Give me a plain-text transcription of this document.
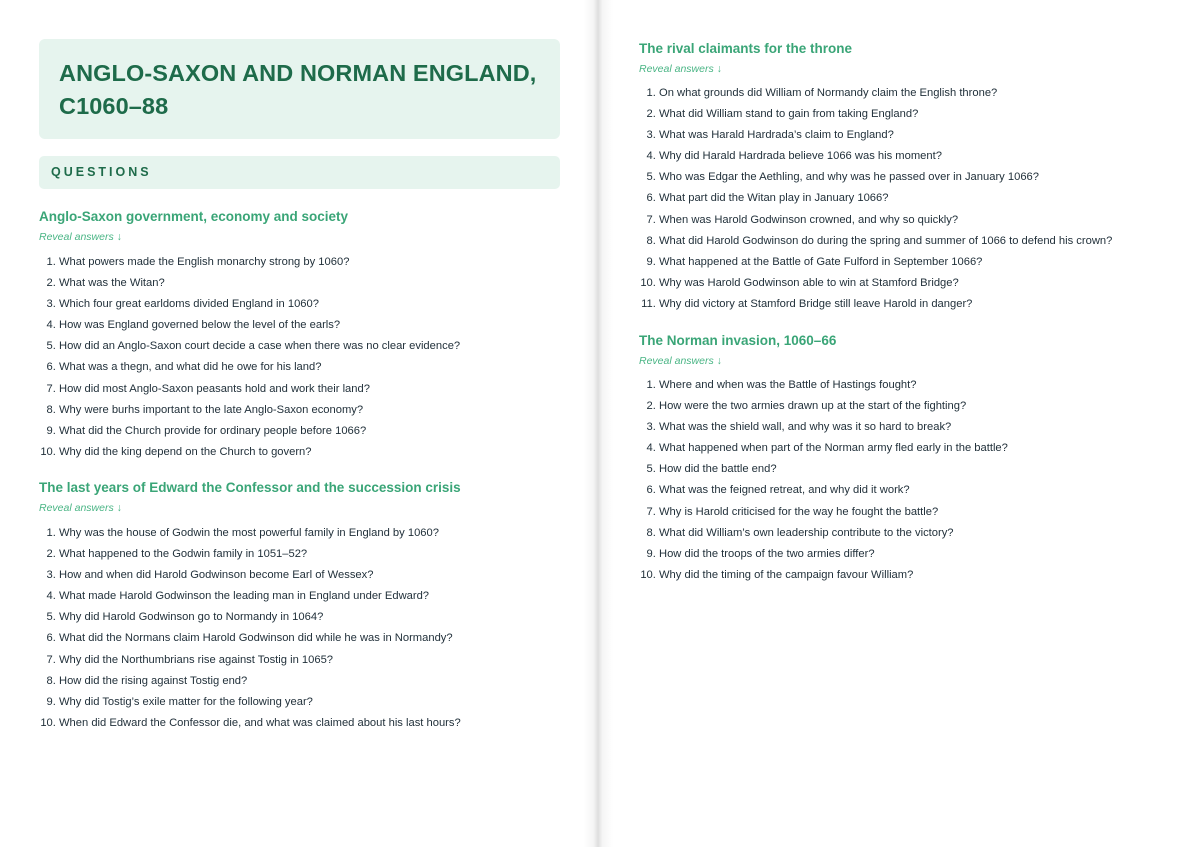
ANGLO-SAXON AND NORMAN ENGLAND, C1060–88
QUESTIONS
Anglo-Saxon government, economy and society
Reveal answers ↓
1. What powers made the English monarchy strong by 1060?
2. What was the Witan?
3. Which four great earldoms divided England in 1060?
4. How was England governed below the level of the earls?
5. How did an Anglo-Saxon court decide a case when there was no clear evidence?
6. What was a thegn, and what did he owe for his land?
7. How did most Anglo-Saxon peasants hold and work their land?
8. Why were burhs important to the late Anglo-Saxon economy?
9. What did the Church provide for ordinary people before 1066?
10. Why did the king depend on the Church to govern?
The last years of Edward the Confessor and the succession crisis
Reveal answers ↓
1. Why was the house of Godwin the most powerful family in England by 1060?
2. What happened to the Godwin family in 1051–52?
3. How and when did Harold Godwinson become Earl of Wessex?
4. What made Harold Godwinson the leading man in England under Edward?
5. Why did Harold Godwinson go to Normandy in 1064?
6. What did the Normans claim Harold Godwinson did while he was in Normandy?
7. Why did the Northumbrians rise against Tostig in 1065?
8. How did the rising against Tostig end?
9. Why did Tostig’s exile matter for the following year?
10. When did Edward the Confessor die, and what was claimed about his last hours?
The rival claimants for the throne
Reveal answers ↓
1. On what grounds did William of Normandy claim the English throne?
2. What did William stand to gain from taking England?
3. What was Harald Hardrada’s claim to England?
4. Why did Harald Hardrada believe 1066 was his moment?
5. Who was Edgar the Aethling, and why was he passed over in January 1066?
6. What part did the Witan play in January 1066?
7. When was Harold Godwinson crowned, and why so quickly?
8. What did Harold Godwinson do during the spring and summer of 1066 to defend his crown?
9. What happened at the Battle of Gate Fulford in September 1066?
10. Why was Harold Godwinson able to win at Stamford Bridge?
11. Why did victory at Stamford Bridge still leave Harold in danger?
The Norman invasion, 1060–66
Reveal answers ↓
1. Where and when was the Battle of Hastings fought?
2. How were the two armies drawn up at the start of the fighting?
3. What was the shield wall, and why was it so hard to break?
4. What happened when part of the Norman army fled early in the battle?
5. How did the battle end?
6. What was the feigned retreat, and why did it work?
7. Why is Harold criticised for the way he fought the battle?
8. What did William’s own leadership contribute to the victory?
9. How did the troops of the two armies differ?
10. Why did the timing of the campaign favour William?
